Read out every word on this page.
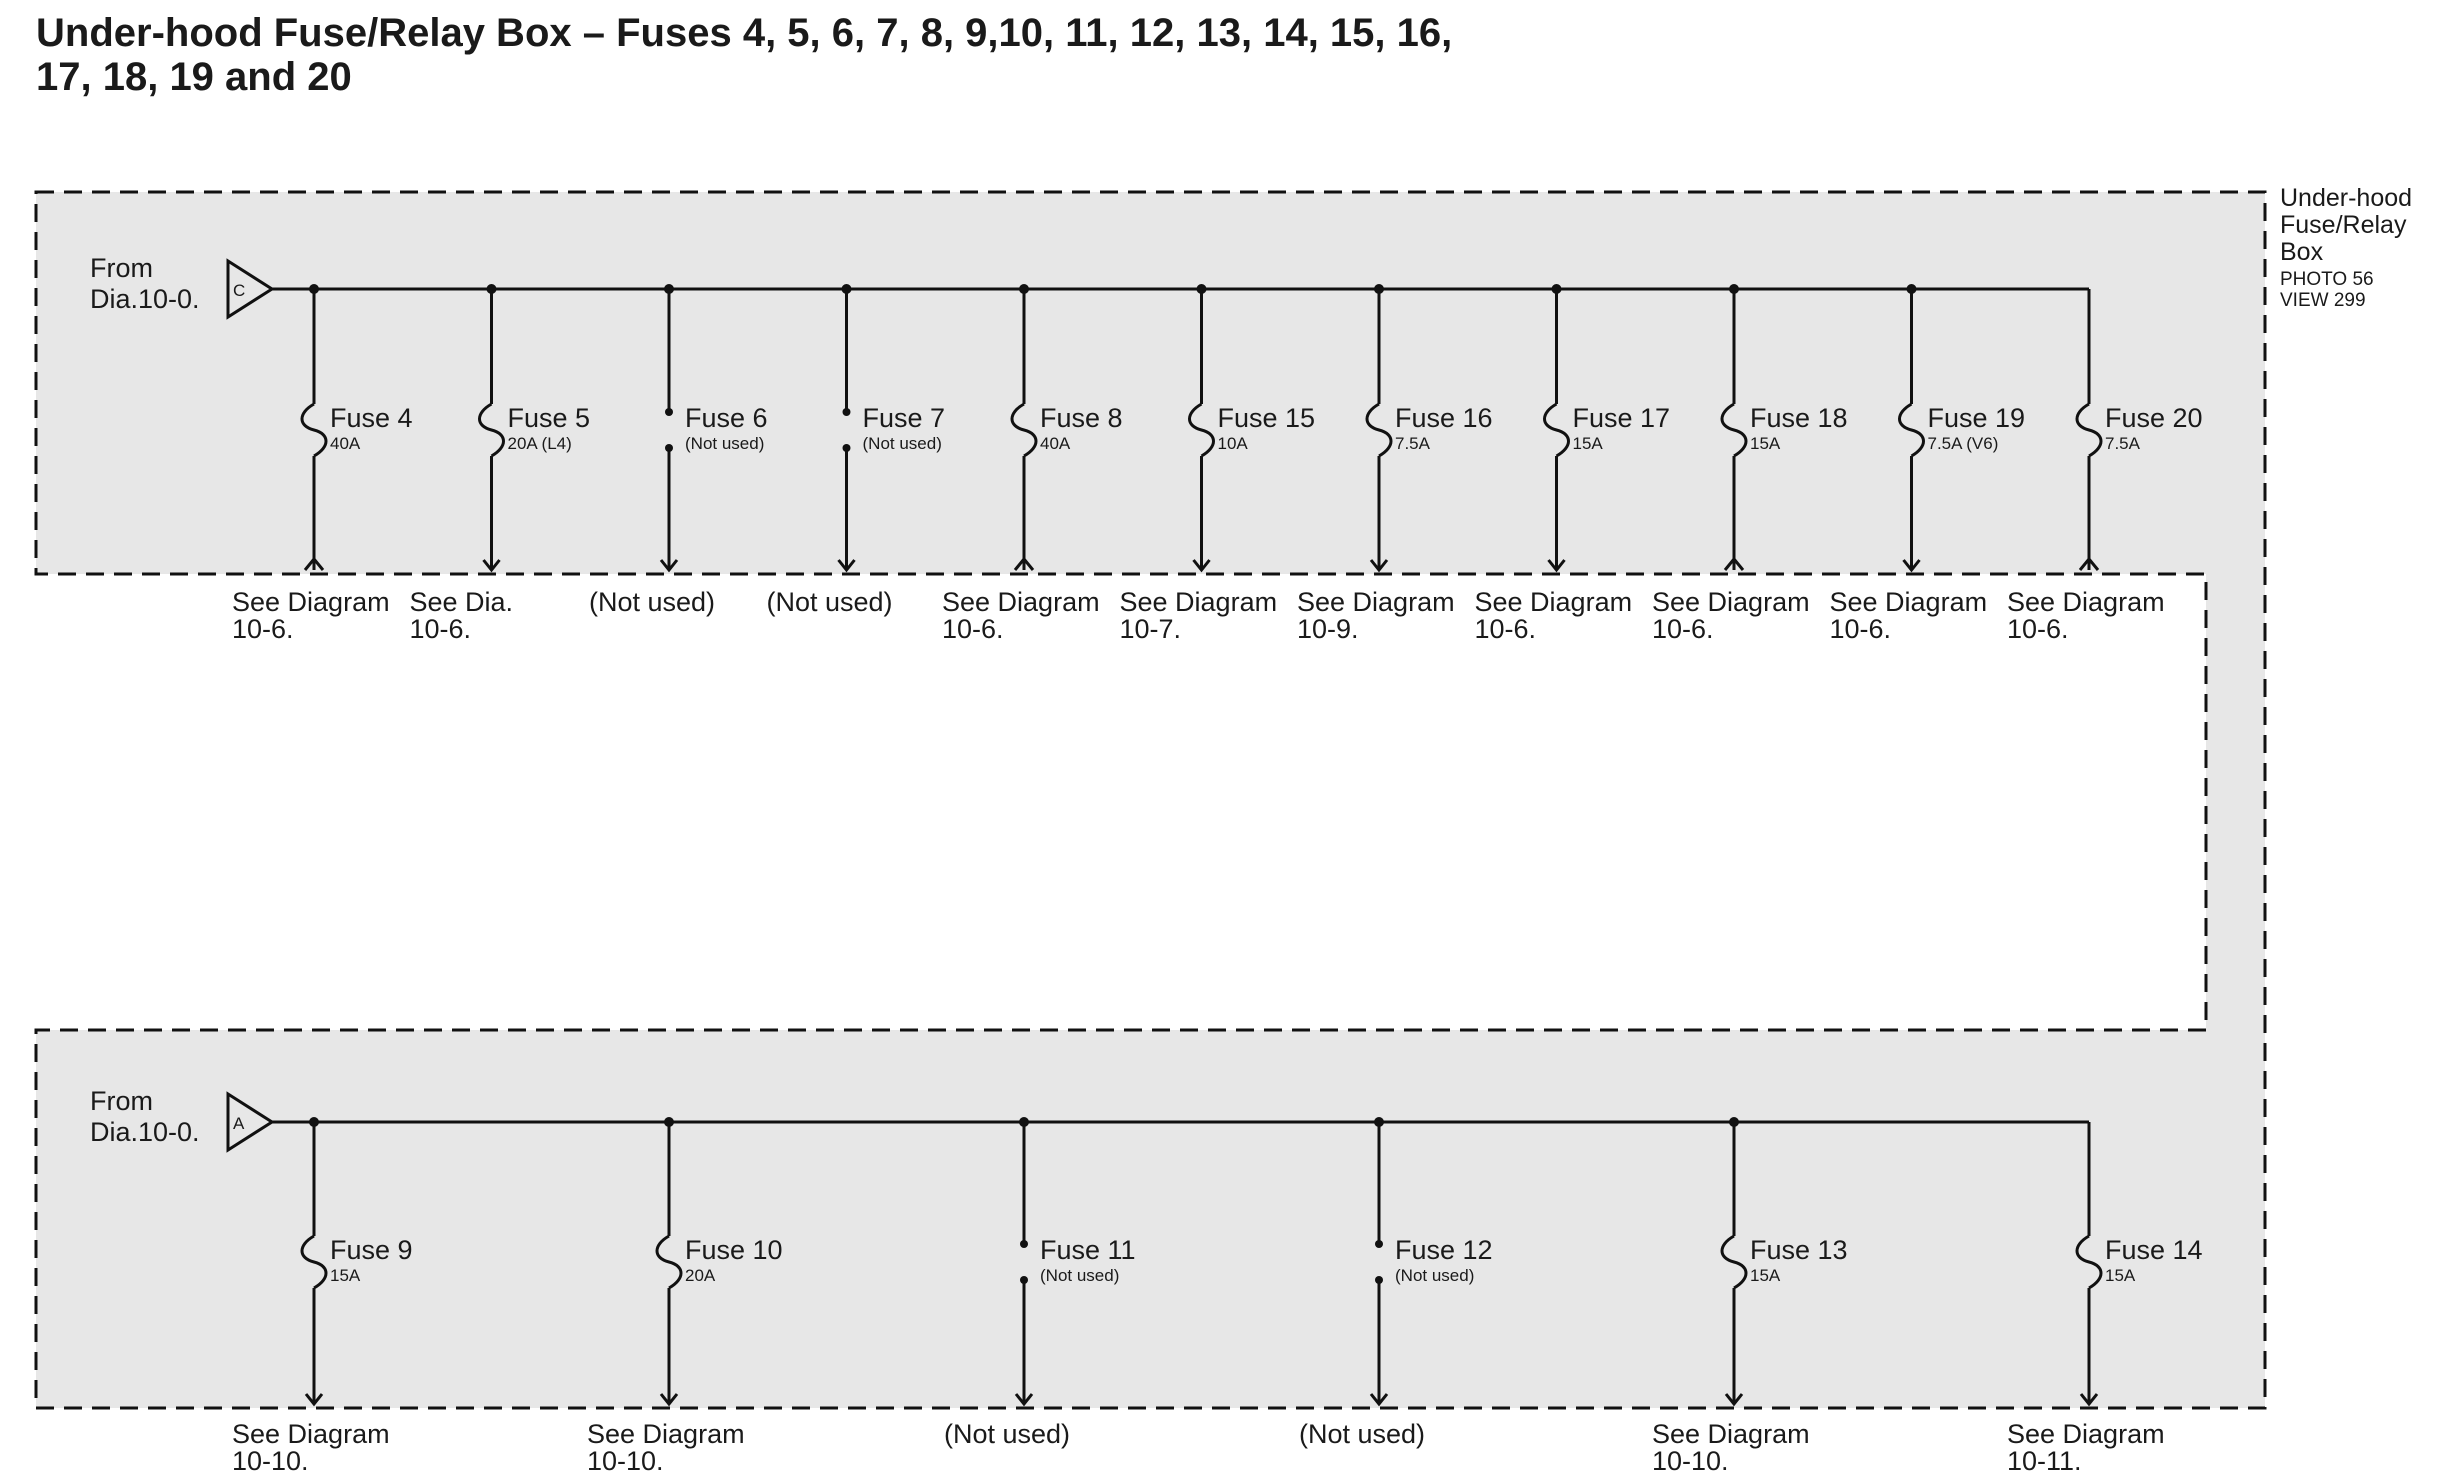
Under-hood Fuse/Relay Box – Fuses 4, 5, 6, 7, 8, 9,10, 11, 12, 13, 14, 15, 16,
17, 18, 19 and 20
Under-hood
Fuse/Relay
Box
PHOTO 56
VIEW 299
From
Dia.10-0. C
Fuse 4
40A
See Diagram
10-6.
Fuse 5
20A (L4)
See Dia.
10-6.
Fuse 6
(Not used)
(Not used)
Fuse 7
(Not used)
(Not used)
Fuse 8
40A
See Diagram
10-6.
Fuse 15
10A
See Diagram
10-7.
Fuse 16
7.5A
See Diagram
10-9.
Fuse 17
15A
See Diagram
10-6.
Fuse 18
15A
See Diagram
10-6.
Fuse 19
7.5A (V6)
See Diagram
10-6.
Fuse 20
7.5A
See Diagram
10-6.
From
Dia.10-0. A
Fuse 9
15A
See Diagram
10-10.
Fuse 10
20A
See Diagram
10-10.
Fuse 11
(Not used)
(Not used)
Fuse 12
(Not used)
(Not used)
Fuse 13
15A
See Diagram
10-10.
Fuse 14
15A
See Diagram
10-11.
